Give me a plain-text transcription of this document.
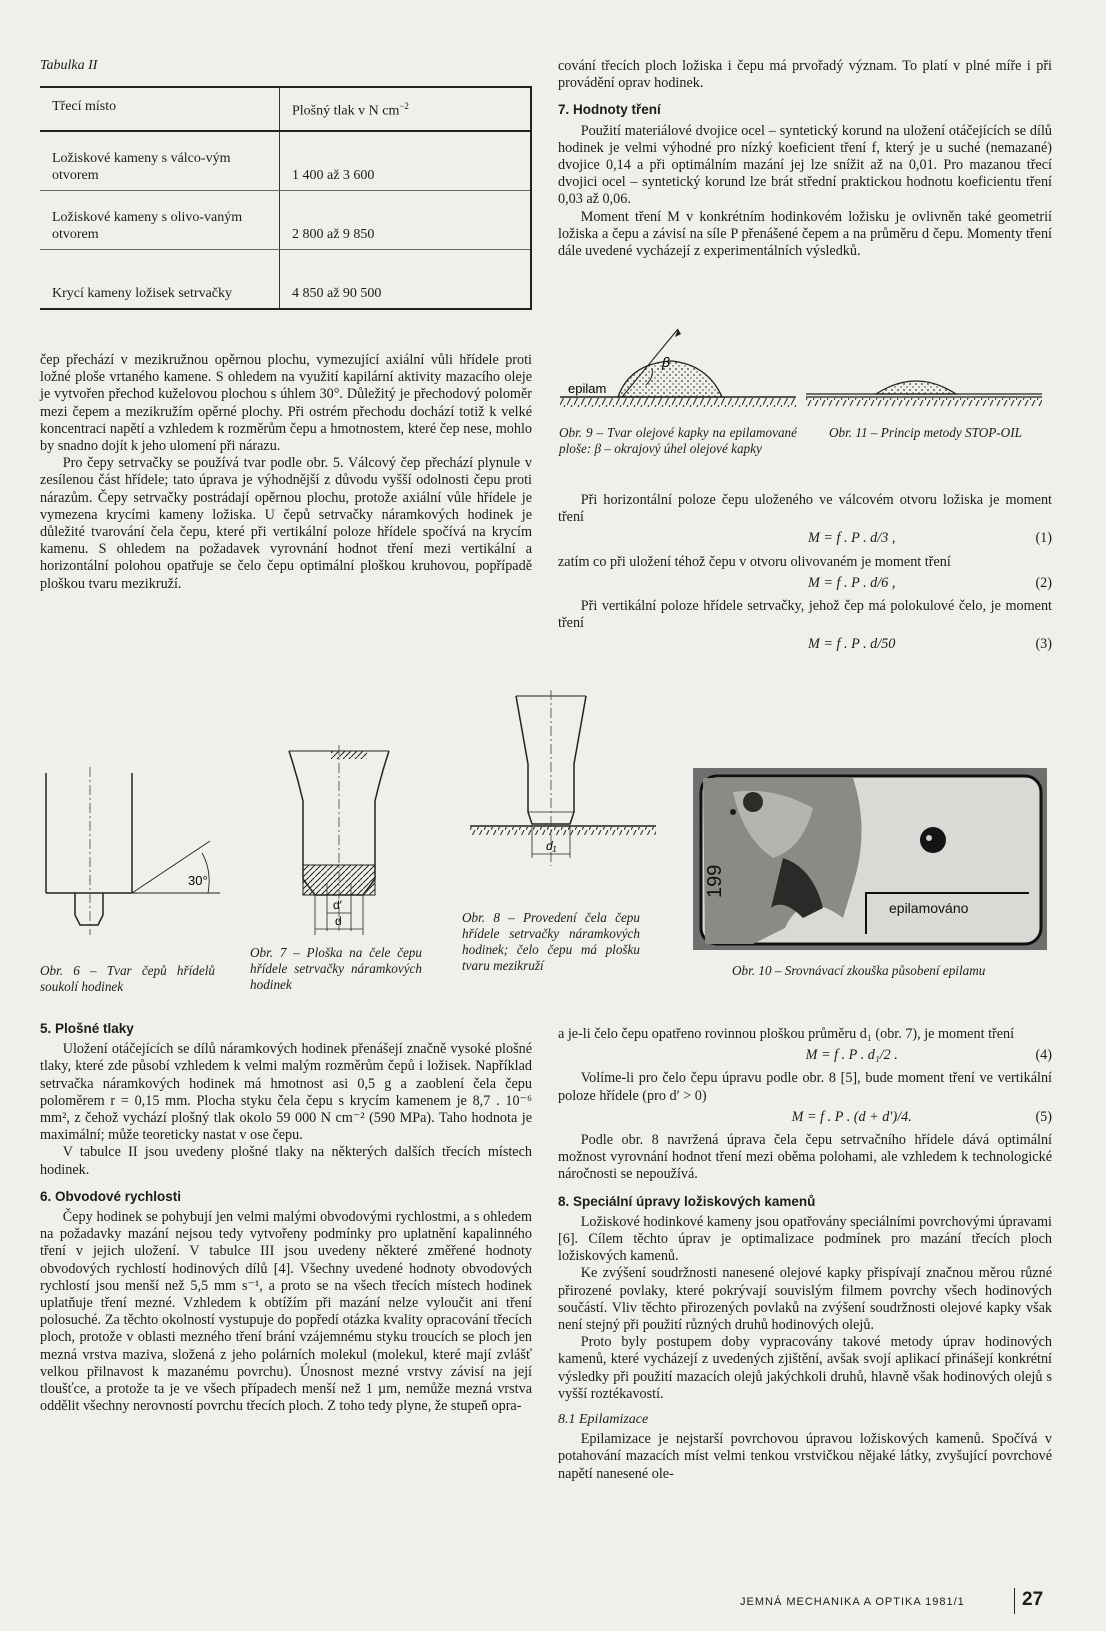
Tabulka II
Třecí místo	Plošný tlak v N $cm^{-2}$
Ložiskové kameny s válco-vým otvorem	1 400 až 3 600
Ložiskové kameny s olivo-vaným otvorem	2 800 až 9 850
Krycí kameny ložisek setrvačky	4 850 až 90 500

čep přechází v mezikružnou opěrnou plochu, vymezující axiální vůli hřídele proti ložné ploše vrtaného kamene. S ohledem na využití kapilární aktivity mazacího oleje je vytvořen přechod kuželovou plochou s úhlem 30°. Důležitý je přechodový poloměr mezi čepem a mezikružím opěrné plochy. Při ostrém přechodu dochází totiž k velké koncentraci napětí a vzhledem k rozměrům čepu a hmotnostem, které čep nese, mohlo by snadno dojít k jeho ulomení při nárazu.

Pro čepy setrvačky se používá tvar podle obr. 5. Válcový čep přechází plynule v zesílenou část hřídele; tato úprava je výhodnější z důvodu vyšší odolnosti čepu proti nárazům. Čepy setrvačky postrádají opěrnou plochu, protože axiální vůle hřídele je vymezena krycími kameny ložiska. U čepů setrvačky náramkových hodinek je důležité tvarování čela čepu, které při vertikální poloze hřídele spočívá na krycím kamenu. S ohledem na požadavek vyrovnání hodnot tření mezi vertikální a horizontální polohou opatřuje se čelo čepu optimální ploškou kruhovou, popřípadě ploškou tvaru mezikruží.

cování třecích ploch ložiska i čepu má prvořadý význam. To platí v plné míře i při provádění oprav hodinek.

7. Hodnoty tření

Použití materiálové dvojice ocel – syntetický korund na uložení otáčejících se dílů hodinek je velmi výhodné pro nízký koeficient tření f, který je u suché (nemazané) dvojice 0,14 a při optimálním mazání jej lze snížit až na 0,01. Pro mazanou třecí dvojici ocel – syntetický korund lze brát střední praktickou hodnotu koeficientu tření 0,03 až 0,06.

Moment tření M v konkrétním hodinkovém ložisku je ovlivněn také geometrií ložiska a čepu a závisí na síle P přenášené čepem a na průměru d čepu. Momenty tření dále uvedené vycházejí z experimentálních výsledků.

β
epilam
Obr. 9 – Tvar olejové kapky na epilamované ploše: β – okrajový úhel olejové kapky
Obr. 11 – Princip metody STOP-OIL

Při horizontální poloze čepu uloženého ve válcovém otvoru ložiska je moment tření

M = f . P . d/3 ,	(1)

zatím co při uložení téhož čepu v otvoru olivovaném je moment tření

M = f . P . d/6 ,	(2)

Při vertikální poloze hřídele setrvačky, jehož čep má polokulové čelo, je moment tření

M = f . P . d/50	(3)
30°
d′
d
d₁
Obr. 6 – Tvar čepů hřídelů soukolí hodinek
Obr. 7 – Ploška na čele čepu hřídele setrvačky náramkových hodinek
Obr. 8 – Provedení čela čepu hřídele setrvačky náramkových hodinek; čelo čepu má plošku tvaru mezikruží
199
epilamováno
Obr. 10 – Srovnávací zkouška působení epilamu
5. Plošné tlaky

Uložení otáčejících se dílů náramkových hodinek přenášejí značně vysoké plošné tlaky, které zde působí vzhledem k velmi malým rozměrům čepů i ložisek. Například setrvačka náramkových hodinek má hmotnost asi 0,5 g a zaoblení čela čepu poloměrem r = 0,15 mm. Plocha styku čela čepu s krycím kamenem je 8,7 . 10⁻⁶ mm², z čehož vychází plošný tlak okolo 59 000 N cm⁻² (590 MPa). Taho hodnota je maximální; může teoreticky nastat v ose čepu.

V tabulce II jsou uvedeny plošné tlaky na některých dalších třecích místech hodinek.

6. Obvodové rychlosti

Čepy hodinek se pohybují jen velmi malými obvodovými rychlostmi, a s ohledem na požadavky mazání nejsou tedy vytvořeny podmínky pro uplatnění kapalinného tření v jejich uložení. V tabulce III jsou uvedeny některé změřené hodnoty obvodových rychlostí hodinových dílů [4]. Všechny uvedené hodnoty obvodových rychlostí jsou menší než 5,5 mm s⁻¹, a proto se na všech třecích místech hodinek uplatňuje tření mezné. Vzhledem k obtížím při mazání nelze vyloučit ani tření polosuché. Za těchto okolností vystupuje do popředí otázka kvality opracování třecích ploch, protože v oblasti mezného tření brání vzájemnému styku troucích se ploch jen mezná vrstva maziva, složená z jeho polárních molekul (molekul, které mají zvlášť velkou přilnavost k mazanému povrchu). Únosnost mezné vrstvy závisí na její tloušťce, a protože ta je ve všech případech menší než 1 µm, nemůže mezná vrstva oddělit všechny nerovností povrchu třecích ploch. Z toho tedy plyne, že stupeň opra-

a je-li čelo čepu opatřeno rovinnou ploškou průměru d₁ (obr. 7), je moment tření

M = f . P . d₁/2 .	(4)

Volíme-li pro čelo čepu úpravu podle obr. 8 [5], bude moment tření ve vertikální poloze hřídele (pro d′ > 0)

M = f . P . (d + d′)/4.	(5)

Podle obr. 8 navržená úprava čela čepu setrvačního hřídele dává optimální možnost vyrovnání hodnot tření mezi oběma polohami, ale vzhledem k technologické náročnosti se nepoužívá.

8. Speciální úpravy ložiskových kamenů

Ložiskové hodinkové kameny jsou opatřovány speciálními povrchovými úpravami [6]. Cílem těchto úprav je optimalizace podmínek pro mazání třecích ploch ložiskových kamenů.

Ke zvýšení soudržnosti nanesené olejové kapky přispívají značnou měrou různé přirozené povlaky, které pokrývají souvislým filmem povrchy všech hodinových součástí. Vliv těchto přirozených povlaků na zvýšení soudržnosti olejové kapky však není stejný při použití různých druhů hodinových olejů.

Proto byly postupem doby vypracovány takové metody úprav hodinových kamenů, které vycházejí z uvedených zjištění, avšak svojí aplikací přinášejí konkrétní výsledky při použití mazacích olejů jakýchkoli druhů, hlavně však hodinových olejů s vyšší roztékavostí.

8.1 Epilamizace

Epilamizace je nejstarší povrchovou úpravou ložiskových kamenů. Spočívá v potahování mazacích míst velmi tenkou vrstvičkou nějaké látky, zvyšující povrchové napětí nanesené ole-

JEMNÁ MECHANIKA A OPTIKA 1981/1	27
